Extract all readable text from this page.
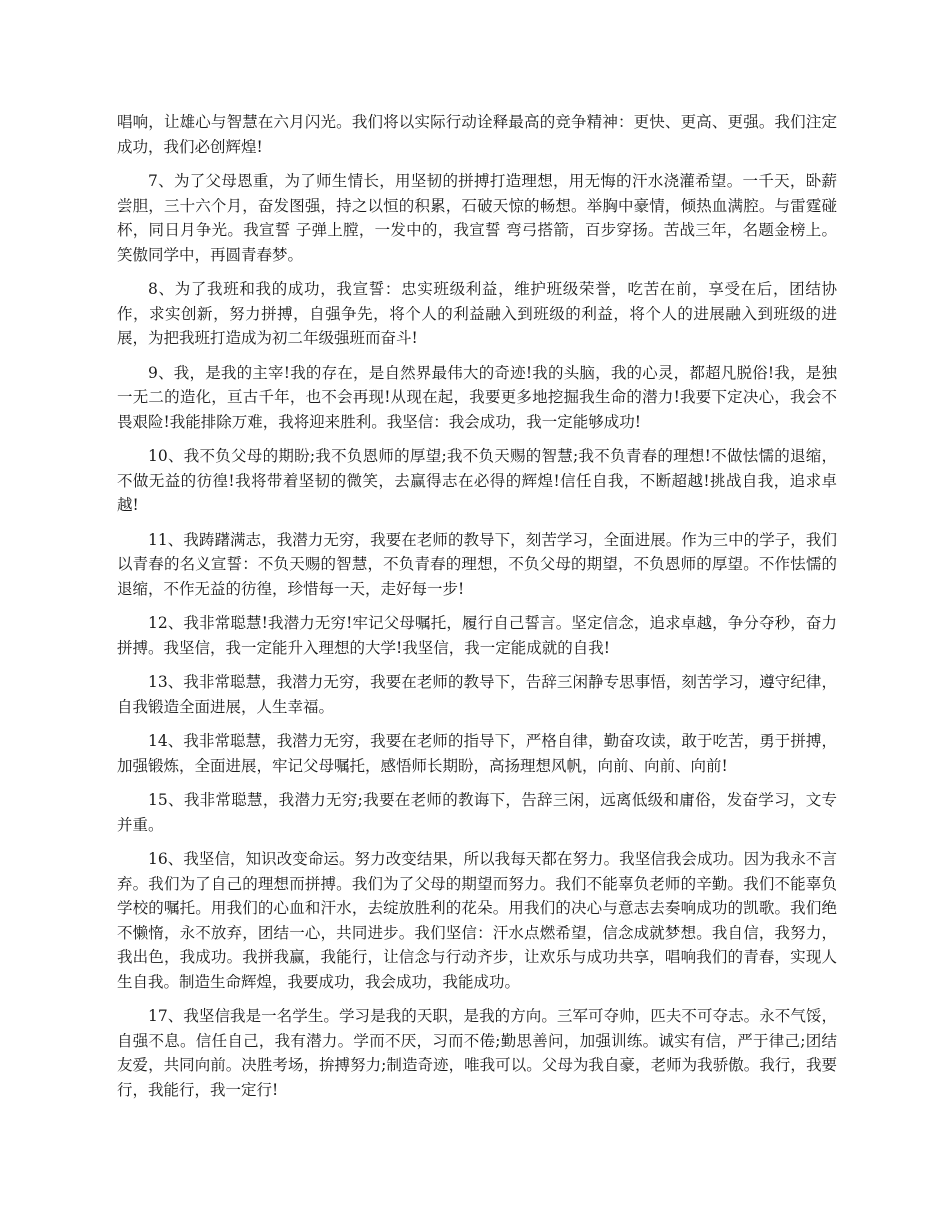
唱响，让雄心与智慧在六月闪光。我们将以实际行动诠释最高的竞争精神：更快、更高、更强。我们注定成功，我们必创辉煌!

7、为了父母恩重，为了师生情长，用坚韧的拼搏打造理想，用无悔的汗水浇灌希望。一千天，卧薪尝胆，三十六个月，奋发图强，持之以恒的积累，石破天惊的畅想。举胸中豪情，倾热血满腔。与雷霆碰杯，同日月争光。我宣誓 子弹上膛，一发中的，我宣誓 弯弓搭箭，百步穿扬。苦战三年，名题金榜上。笑傲同学中，再圆青春梦。

8、为了我班和我的成功，我宣誓：忠实班级利益，维护班级荣誉，吃苦在前，享受在后，团结协作，求实创新，努力拼搏，自强争先，将个人的利益融入到班级的利益，将个人的进展融入到班级的进展，为把我班打造成为初二年级强班而奋斗!

9、我，是我的主宰!我的存在，是自然界最伟大的奇迹!我的头脑，我的心灵，都超凡脱俗!我，是独一无二的造化，亘古千年，也不会再现!从现在起，我要更多地挖掘我生命的潜力!我要下定决心，我会不畏艰险!我能排除万难，我将迎来胜利。我坚信：我会成功，我一定能够成功!

10、我不负父母的期盼;我不负恩师的厚望;我不负天赐的智慧;我不负青春的理想!不做怯懦的退缩，不做无益的彷徨!我将带着坚韧的微笑，去赢得志在必得的辉煌!信任自我，不断超越!挑战自我，追求卓越!

11、我踌躇满志，我潜力无穷，我要在老师的教导下，刻苦学习，全面进展。作为三中的学子，我们以青春的名义宣誓：不负天赐的智慧，不负青春的理想，不负父母的期望，不负恩师的厚望。不作怯懦的退缩，不作无益的彷徨，珍惜每一天，走好每一步!

12、我非常聪慧!我潜力无穷!牢记父母嘱托，履行自己誓言。坚定信念，追求卓越，争分夺秒，奋力拼搏。我坚信，我一定能升入理想的大学!我坚信，我一定能成就的自我!

13、我非常聪慧，我潜力无穷，我要在老师的教导下，告辞三闲静专思事悟，刻苦学习，遵守纪律，自我锻造全面进展，人生幸福。

14、我非常聪慧，我潜力无穷，我要在老师的指导下，严格自律，勤奋攻读，敢于吃苦，勇于拼搏，加强锻炼，全面进展，牢记父母嘱托，感悟师长期盼，高扬理想风帆，向前、向前、向前!

15、我非常聪慧，我潜力无穷;我要在老师的教诲下，告辞三闲，远离低级和庸俗，发奋学习，文专并重。

16、我坚信，知识改变命运。努力改变结果，所以我每天都在努力。我坚信我会成功。因为我永不言弃。我们为了自己的理想而拼搏。我们为了父母的期望而努力。我们不能辜负老师的辛勤。我们不能辜负学校的嘱托。用我们的心血和汗水，去绽放胜利的花朵。用我们的决心与意志去奏响成功的凯歌。我们绝不懒惰，永不放弃，团结一心，共同进步。我们坚信：汗水点燃希望，信念成就梦想。我自信，我努力，我出色，我成功。我拼我赢，我能行，让信念与行动齐步，让欢乐与成功共享，唱响我们的青春，实现人生自我。制造生命辉煌，我要成功，我会成功，我能成功。

17、我坚信我是一名学生。学习是我的天职，是我的方向。三军可夺帅，匹夫不可夺志。永不气馁，自强不息。信任自己，我有潜力。学而不厌，习而不倦;勤思善问，加强训练。诚实有信，严于律己;团结友爱，共同向前。决胜考场，拚搏努力;制造奇迹，唯我可以。父母为我自豪，老师为我骄傲。我行，我要行，我能行，我一定行!
